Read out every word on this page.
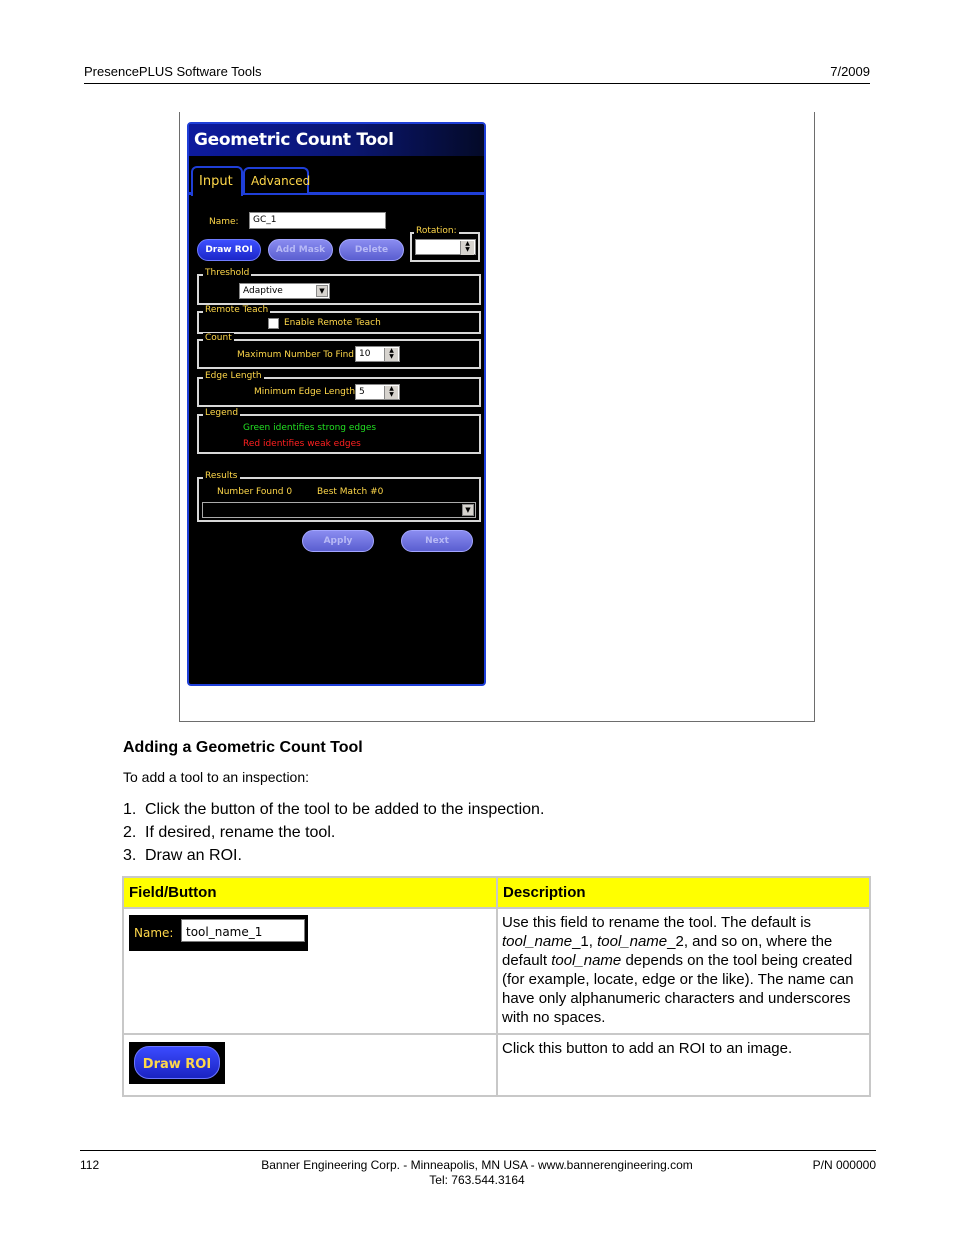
PresencePLUS Software Tools	7/2009
Geometric Count Tool
Input	Advanced
Name:	GC_1
Draw ROI	Add Mask	Delete
Rotation:
▲
▼
Threshold
Adaptive	▼
Remote Teach
Enable Remote Teach
Count
Maximum Number To Find 10	▲
▼
Edge Length
Minimum Edge Length 5	▲
▼
Legend
Green identifies strong edges
Red identifies weak edges
Results
Number Found 0	Best Match #0
▼
Apply	Next
Adding a Geometric Count Tool
To add a tool to an inspection:
1. Click the button of the tool to be added to the inspection.
2. If desired, rename the tool.
3. Draw an ROI.
Field/Button	Description

Name: tool_name_1	Use this field to rename the tool. The default is tool_name_1, tool_name_2, and so on, where the default tool_name depends on the tool being created (for example, locate, edge or the like). The name can have only alphanumeric characters and underscores with no spaces.

Draw ROI	Click this button to add an ROI to an image.
112	Banner Engineering Corp. - Minneapolis, MN USA - www.bannerengineering.com
Tel: 763.544.3164
P/N 000000
